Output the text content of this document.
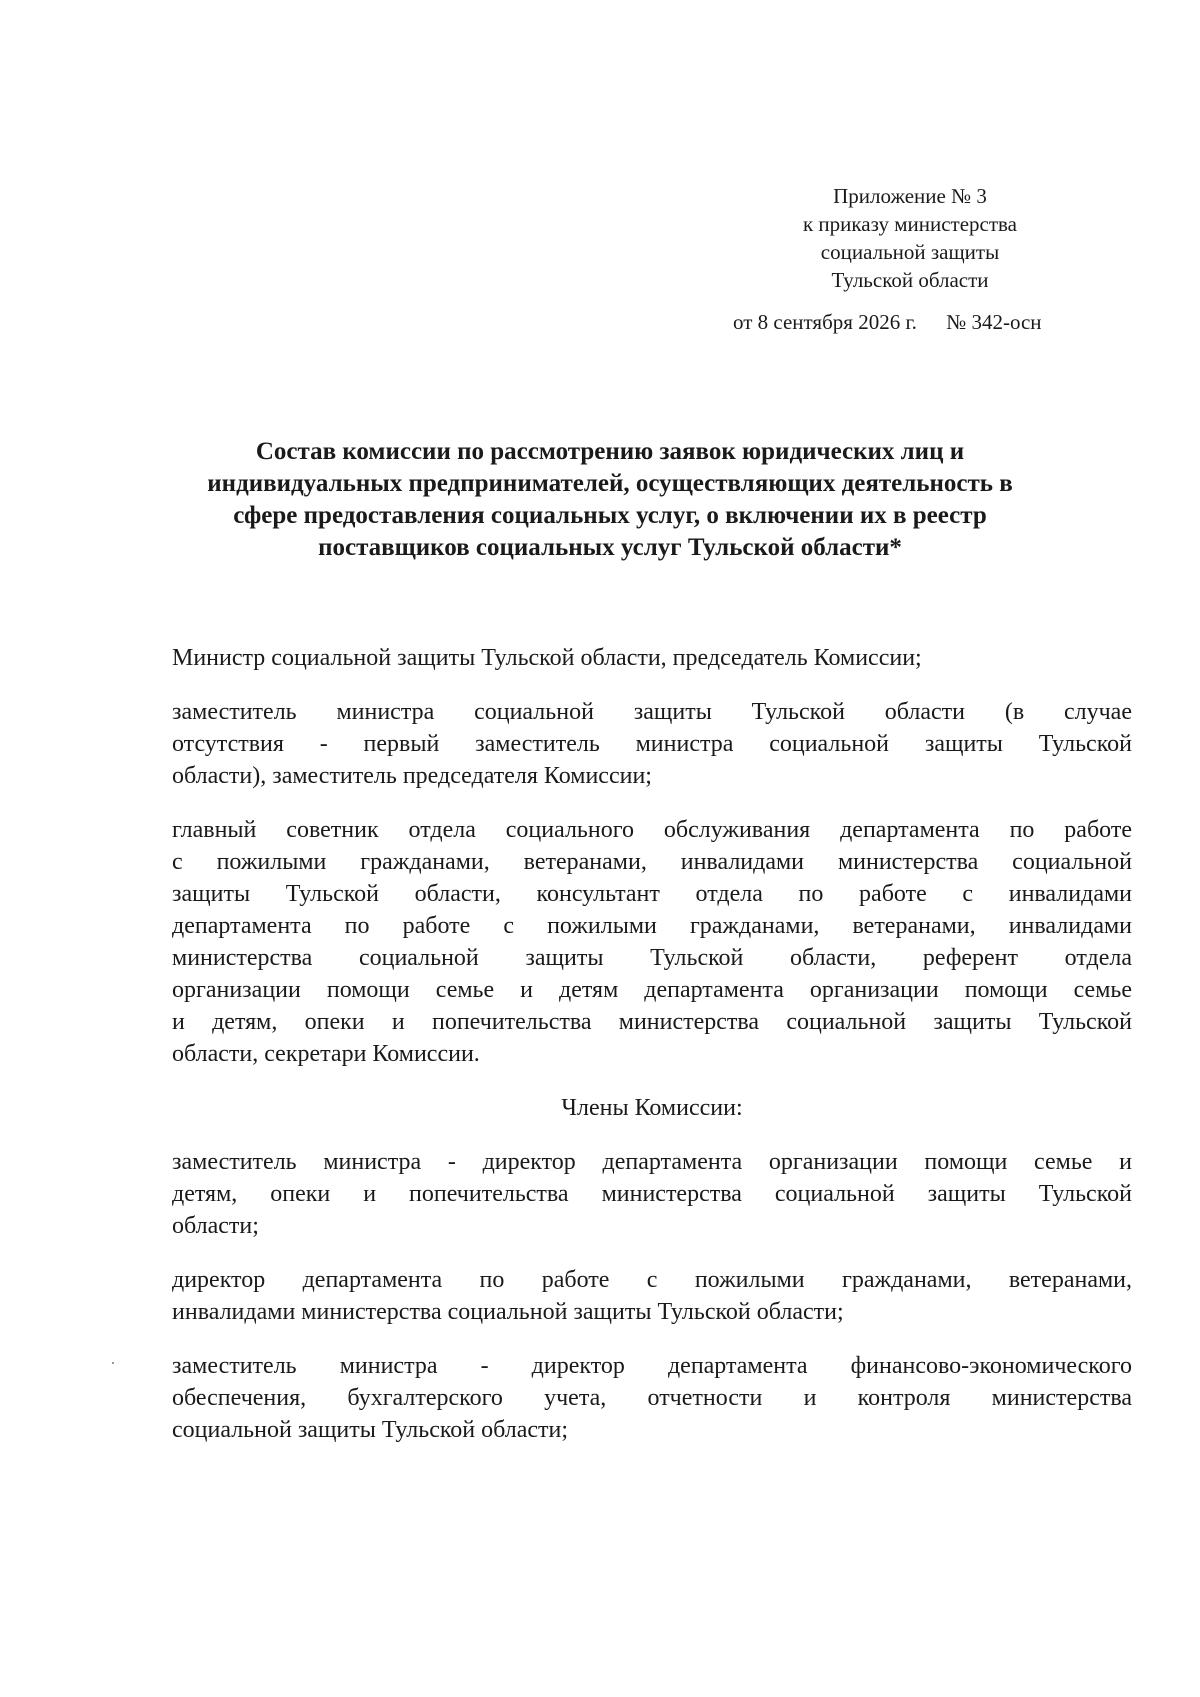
Приложение № 3
к приказу министерства
социальной защиты
Тульской области
от 8 сентября 2026 г. № 342-осн
Состав комиссии по рассмотрению заявок юридических лиц и
индивидуальных предпринимателей, осуществляющих деятельность в
сфере предоставления социальных услуг, о включении их в реестр
поставщиков социальных услуг Тульской области*
Министр социальной защиты Тульской области, председатель Комиссии;
заместитель министра социальной защиты Тульской области (в случае
отсутствия - первый заместитель министра социальной защиты Тульской
области), заместитель председателя Комиссии;
главный советник отдела социального обслуживания департамента по работе
с пожилыми гражданами, ветеранами, инвалидами министерства социальной
защиты Тульской области, консультант отдела по работе с инвалидами
департамента по работе с пожилыми гражданами, ветеранами, инвалидами
министерства социальной защиты Тульской области, референт отдела
организации помощи семье и детям департамента организации помощи семье
и детям, опеки и попечительства министерства социальной защиты Тульской
области, секретари Комиссии.
Члены Комиссии:
заместитель министра - директор департамента организации помощи семье и
детям, опеки и попечительства министерства социальной защиты Тульской
области;
директор департамента по работе с пожилыми гражданами, ветеранами,
инвалидами министерства социальной защиты Тульской области;
заместитель министра - директор департамента финансово-экономического
обеспечения, бухгалтерского учета, отчетности и контроля министерства
социальной защиты Тульской области;
